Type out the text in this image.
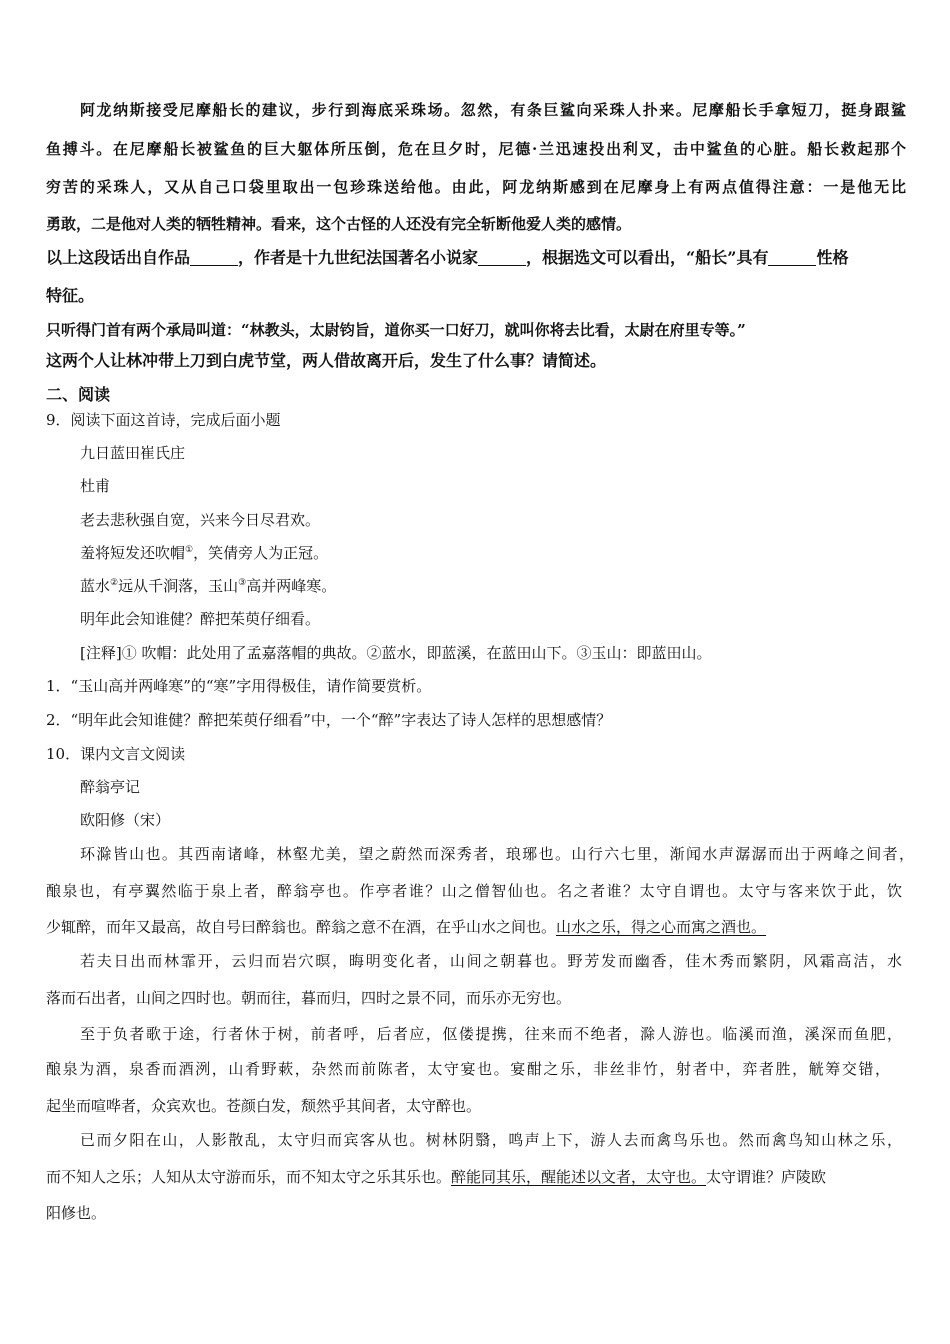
阿龙纳斯接受尼摩船长的建议，步行到海底采珠场。忽然，有条巨鲨向采珠人扑来。尼摩船长手拿短刀，挺身跟鲨
鱼搏斗。在尼摩船长被鲨鱼的巨大躯体所压倒，危在旦夕时，尼德·兰迅速投出利叉，击中鲨鱼的心脏。船长救起那个
穷苦的采珠人，又从自己口袋里取出一包珍珠送给他。由此，阿龙纳斯感到在尼摩身上有两点值得注意：一是他无比
勇敢，二是他对人类的牺牲精神。看来，这个古怪的人还没有完全斩断他爱人类的感情。
以上这段话出自作品	，作者是十九世纪法国著名小说家	，根据选文可以看出，“船长”具有	性格
特征。
只听得门首有两个承局叫道：“林教头，太尉钧旨，道你买一口好刀，就叫你将去比看，太尉在府里专等。”
这两个人让林冲带上刀到白虎节堂，两人借故离开后，发生了什么事？请简述。
二、阅读
9．阅读下面这首诗，完成后面小题
九日蓝田崔氏庄
杜甫
老去悲秋强自宽，兴来今日尽君欢。
羞将短发还吹帽①，笑倩旁人为正冠。
蓝水②远从千涧落，玉山③高并两峰寒。
明年此会知谁健？醉把茱萸仔细看。
[注释]① 吹帽：此处用了孟嘉落帽的典故。②蓝水，即蓝溪，在蓝田山下。③玉山：即蓝田山。
1．“玉山高并两峰寒”的“寒”字用得极佳，请作简要赏析。
2．“明年此会知谁健？醉把茱萸仔细看”中，一个“醉”字表达了诗人怎样的思想感情？
10．课内文言文阅读
醉翁亭记
欧阳修（宋）
环滁皆山也。其西南诸峰，林壑尤美，望之蔚然而深秀者，琅琊也。山行六七里，渐闻水声潺潺而出于两峰之间者，
酿泉也，有亭翼然临于泉上者，醉翁亭也。作亭者谁？山之僧智仙也。名之者谁？太守自谓也。太守与客来饮于此，饮
少辄醉，而年又最高，故自号曰醉翁也。醉翁之意不在酒，在乎山水之间也。山水之乐，得之心而寓之酒也。
若夫日出而林霏开，云归而岩穴暝，晦明变化者，山间之朝暮也。野芳发而幽香，佳木秀而繁阴，风霜高洁，水
落而石出者，山间之四时也。朝而往，暮而归，四时之景不同，而乐亦无穷也。
至于负者歌于途，行者休于树，前者呼，后者应，伛偻提携，往来而不绝者，滁人游也。临溪而渔，溪深而鱼肥，
酿泉为酒，泉香而酒洌，山肴野蔌，杂然而前陈者，太守宴也。宴酣之乐，非丝非竹，射者中，弈者胜，觥筹交错，
起坐而喧哗者，众宾欢也。苍颜白发，颓然乎其间者，太守醉也。
已而夕阳在山，人影散乱，太守归而宾客从也。树林阴翳，鸣声上下，游人去而禽鸟乐也。然而禽鸟知山林之乐，
而不知人之乐；人知从太守游而乐，而不知太守之乐其乐也。醉能同其乐，醒能述以文者，太守也。太守谓谁？庐陵欧
阳修也。
